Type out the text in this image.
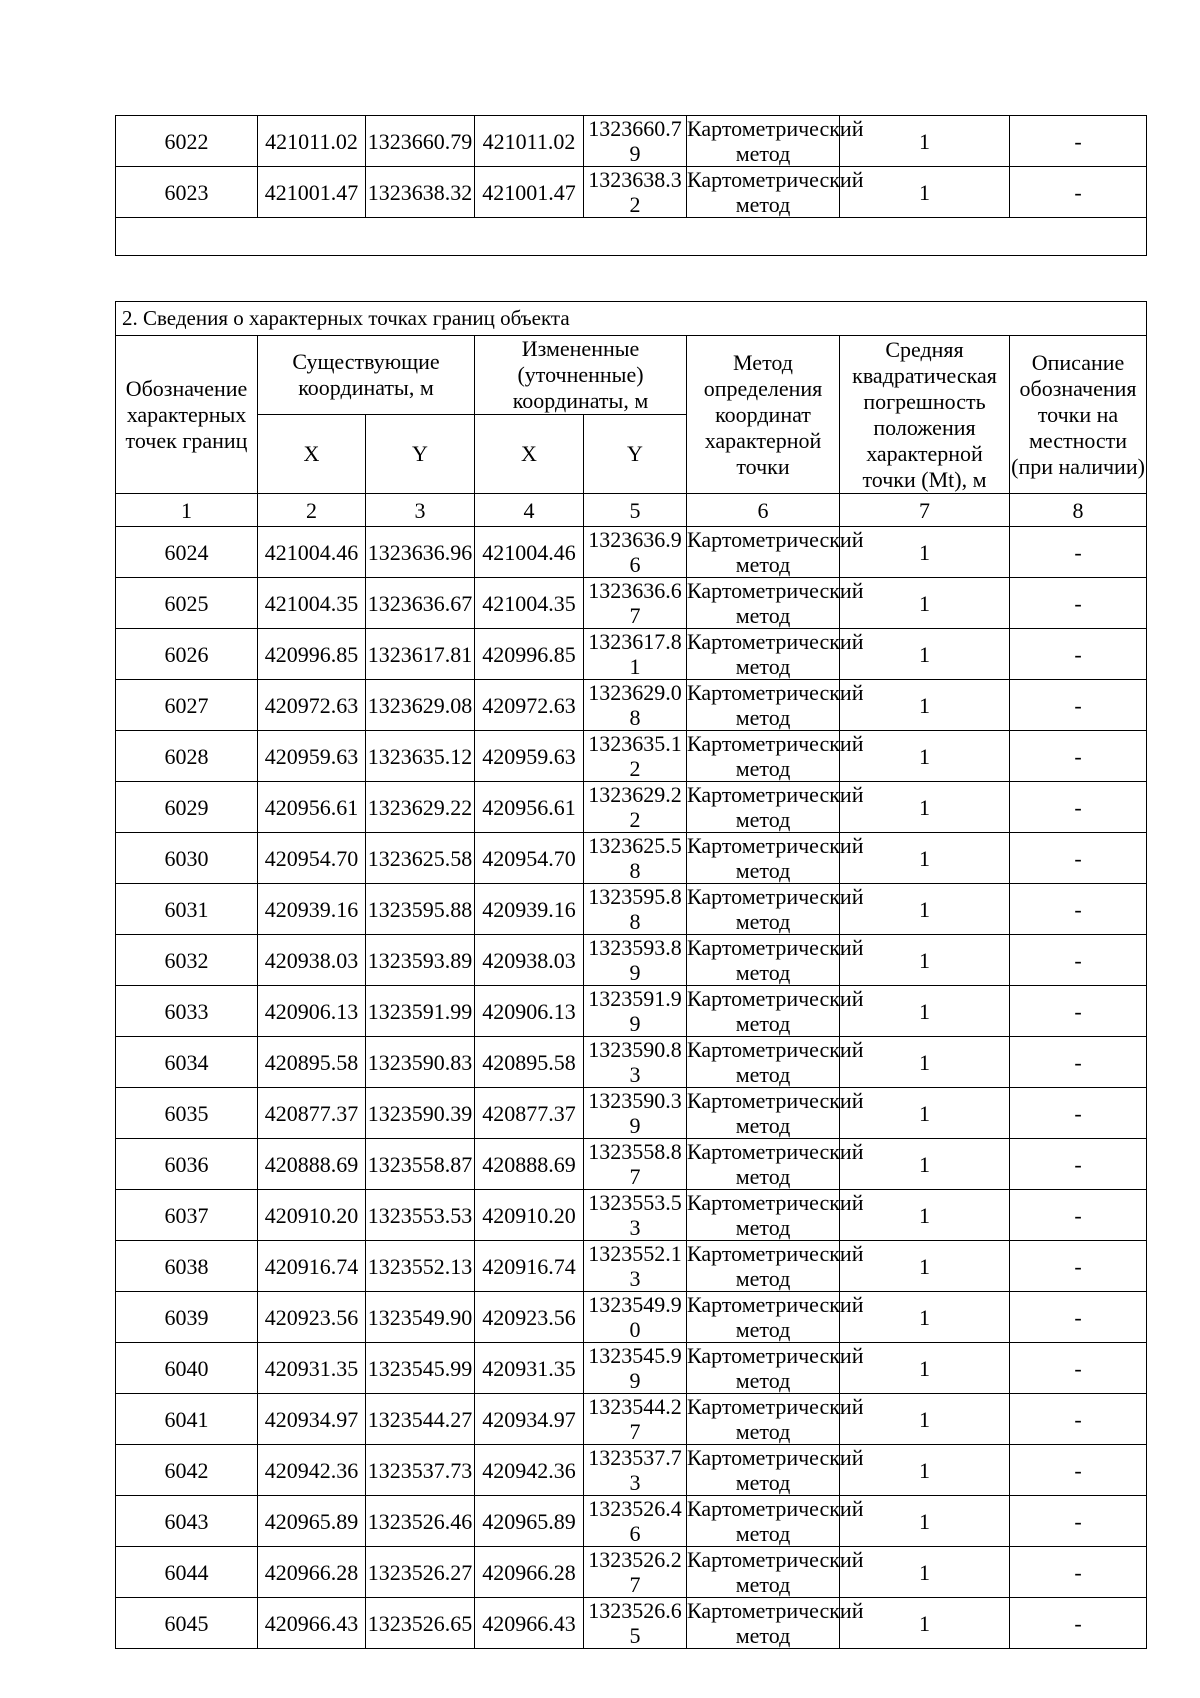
6022	421011.02	1323660.79	421011.02	1323660.79	Картометрический метод	1	-
6023	421001.47	1323638.32	421001.47	1323638.32	Картометрический метод	1	-

2. Сведения о характерных точках границ объекта							
Обозначение характерных точек границ	Существующие координаты, м		Измененные (уточненные) координаты, м		Метод определения координат характерной точки	Средняя квадратическая погрешность положения характерной точки (Mt), м	Описание обозначения точки на местности (при наличии)
	X	Y	X	Y			
1	2	3	4	5	6	7	8
6024	421004.46	1323636.96	421004.46	1323636.96	Картометрический метод	1	-
6025	421004.35	1323636.67	421004.35	1323636.67	Картометрический метод	1	-
6026	420996.85	1323617.81	420996.85	1323617.81	Картометрический метод	1	-
6027	420972.63	1323629.08	420972.63	1323629.08	Картометрический метод	1	-
6028	420959.63	1323635.12	420959.63	1323635.12	Картометрический метод	1	-
6029	420956.61	1323629.22	420956.61	1323629.22	Картометрический метод	1	-
6030	420954.70	1323625.58	420954.70	1323625.58	Картометрический метод	1	-
6031	420939.16	1323595.88	420939.16	1323595.88	Картометрический метод	1	-
6032	420938.03	1323593.89	420938.03	1323593.89	Картометрический метод	1	-
6033	420906.13	1323591.99	420906.13	1323591.99	Картометрический метод	1	-
6034	420895.58	1323590.83	420895.58	1323590.83	Картометрический метод	1	-
6035	420877.37	1323590.39	420877.37	1323590.39	Картометрический метод	1	-
6036	420888.69	1323558.87	420888.69	1323558.87	Картометрический метод	1	-
6037	420910.20	1323553.53	420910.20	1323553.53	Картометрический метод	1	-
6038	420916.74	1323552.13	420916.74	1323552.13	Картометрический метод	1	-
6039	420923.56	1323549.90	420923.56	1323549.90	Картометрический метод	1	-
6040	420931.35	1323545.99	420931.35	1323545.99	Картометрический метод	1	-
6041	420934.97	1323544.27	420934.97	1323544.27	Картометрический метод	1	-
6042	420942.36	1323537.73	420942.36	1323537.73	Картометрический метод	1	-
6043	420965.89	1323526.46	420965.89	1323526.46	Картометрический метод	1	-
6044	420966.28	1323526.27	420966.28	1323526.27	Картометрический метод	1	-
6045	420966.43	1323526.65	420966.43	1323526.65	Картометрический метод	1	-
